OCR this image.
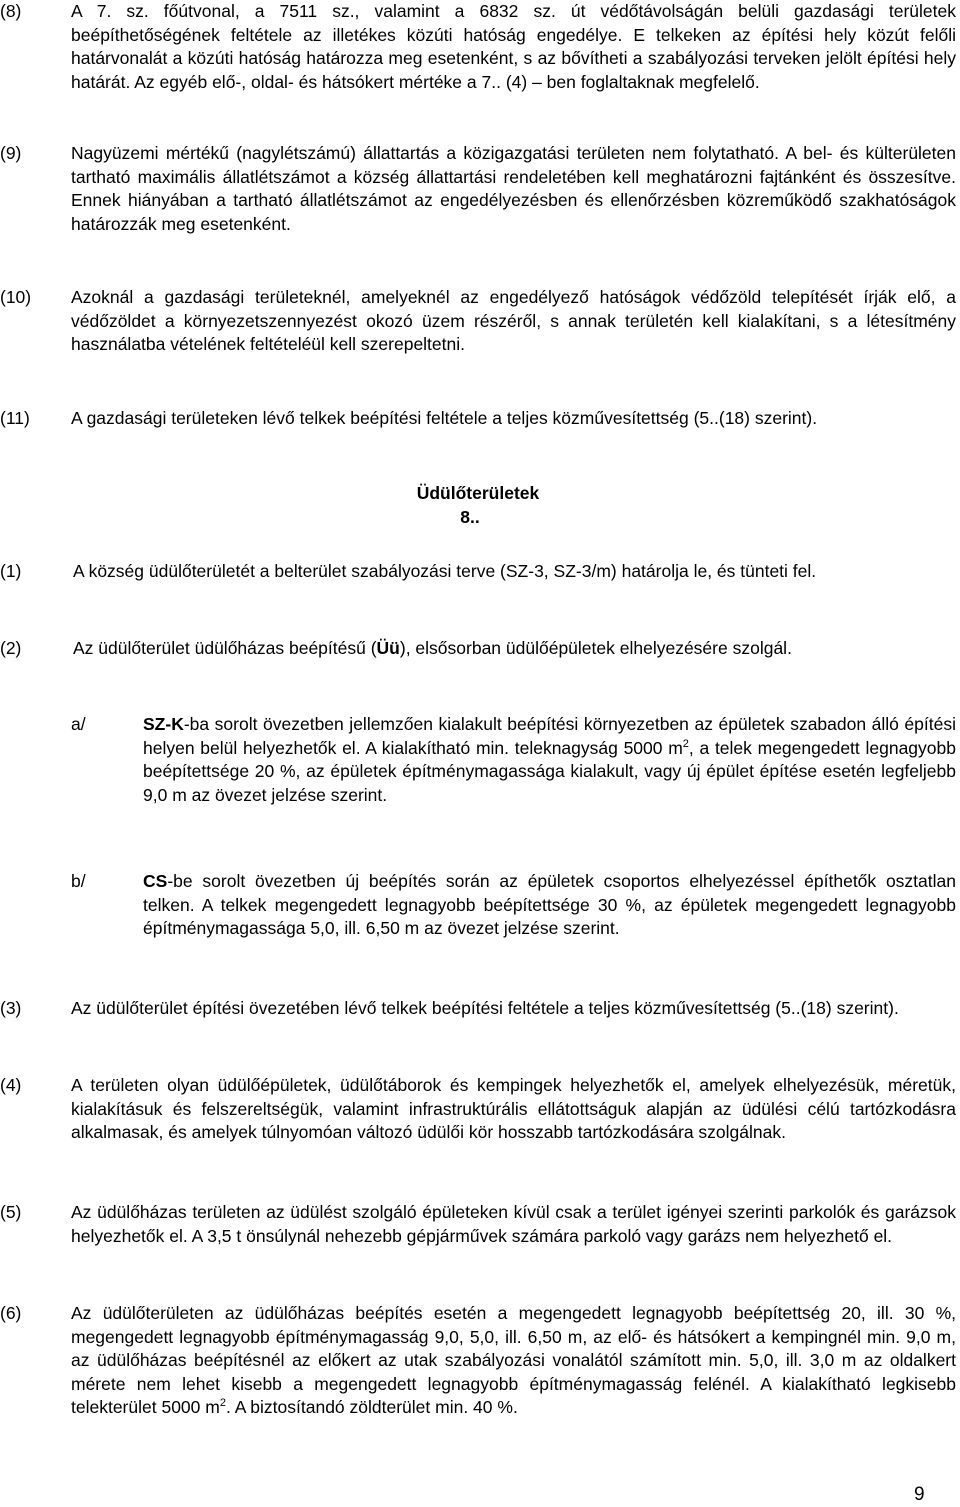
(8)	A 7. sz. főútvonal, a 7511 sz., valamint a 6832 sz. út védőtávolságán belüli gazdasági területek beépíthetőségének feltétele az illetékes közúti hatóság engedélye. E telkeken az építési hely közút felőli határvonalát a közúti hatóság határozza meg esetenként, s az bővítheti a szabályozási terveken jelölt építési hely határát. Az egyéb elő-, oldal- és hátsókert mértéke a 7.. (4) – ben foglaltaknak megfelelő.
(9)	Nagyüzemi mértékű (nagylétszámú) állattartás a közigazgatási területen nem folytatható. A bel- és külterületen tartható maximális állatlétszámot a község állattartási rendeletében kell meghatározni fajtánként és összesítve. Ennek hiányában a tartható állatlétszámot az engedélyezésben és ellenőrzésben közreműködő szakhatóságok határozzák meg esetenként.
(10)	Azoknál a gazdasági területeknél, amelyeknél az engedélyező hatóságok védőzöld telepítését írják elő, a védőzöldet a környezetszennyezést okozó üzem részéről, s annak területén kell kialakítani, s a létesítmény használatba vételének feltételéül kell szerepeltetni.
(11)	A gazdasági területeken lévő telkek beépítési feltétele a teljes közművesítettség (5..(18) szerint).
Üdülőterületek
8..
(1)	A község üdülőterületét a belterület szabályozási terve (SZ-3, SZ-3/m) határolja le, és tünteti fel.
(2)	Az üdülőterület üdülőházas beépítésű (Üü), elsősorban üdülőépületek elhelyezésére szolgál.
a/	SZ-K-ba sorolt övezetben jellemzően kialakult beépítési környezetben az épületek szabadon álló építési helyen belül helyezhetők el. A kialakítható min. teleknagyság 5000 $m^2$, a telek megengedett legnagyobb beépítettsége 20 %, az épületek építménymagassága kialakult, vagy új épület építése esetén legfeljebb 9,0 m az övezet jelzése szerint.
b/	CS-be sorolt övezetben új beépítés során az épületek csoportos elhelyezéssel építhetők osztatlan telken. A telkek megengedett legnagyobb beépítettsége 30 %, az épületek megengedett legnagyobb építménymagassága 5,0, ill. 6,50 m az övezet jelzése szerint.
(3)	Az üdülőterület építési övezetében lévő telkek beépítési feltétele a teljes közművesítettség (5..(18) szerint).
(4)	A területen olyan üdülőépületek, üdülőtáborok és kempingek helyezhetők el, amelyek elhelyezésük, méretük, kialakításuk és felszereltségük, valamint infrastruktúrális ellátottságuk alapján az üdülési célú tartózkodásra alkalmasak, és amelyek túlnyomóan változó üdülői kör hosszabb tartózkodására szolgálnak.
(5)	Az üdülőházas területen az üdülést szolgáló épületeken kívül csak a terület igényei szerinti parkolók és garázsok helyezhetők el. A 3,5 t önsúlynál nehezebb gépjárművek számára parkoló vagy garázs nem helyezhető el.
(6)	Az üdülőterületen az üdülőházas beépítés esetén a megengedett legnagyobb beépítettség 20, ill. 30 %, megengedett legnagyobb építménymagasság 9,0, 5,0, ill. 6,50 m, az elő- és hátsókert a kempingnél min. 9,0 m, az üdülőházas beépítésnél az előkert az utak szabályozási vonalától számított min. 5,0, ill. 3,0 m az oldalkert mérete nem lehet kisebb a megengedett legnagyobb építménymagasság felénél. A kialakítható legkisebb telekterület 5000 $m^2$. A biztosítandó zöldterület min. 40 %.
9
